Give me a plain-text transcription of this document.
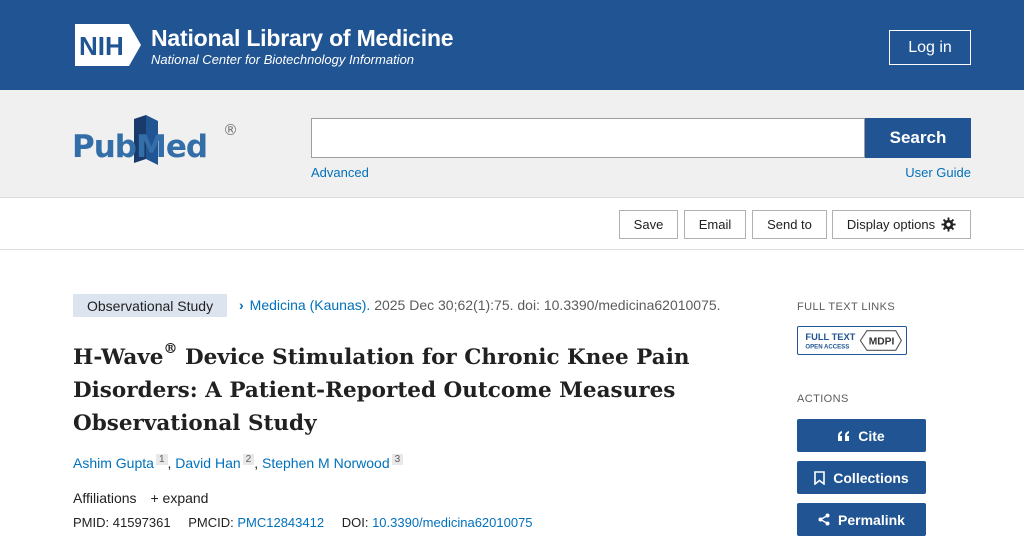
NIH National Library of Medicine
National Center for Biotechnology Information
Log in
PubMed ®	Search
Advanced	User Guide
Save	Email	Send to	Display options
Observational Study	› Medicina (Kaunas). 2025 Dec 30;62(1):75. doi: 10.3390/medicina62010075.
H-Wave® Device Stimulation for Chronic Knee Pain Disorders: A Patient-Reported Outcome Measures Observational Study
Ashim Gupta 1 , David Han 2 , Stephen M Norwood 3
Affiliations + expand
PMID: 41597361 PMCID: PMC12843412 DOI: 10.3390/medicina62010075
FULL TEXT LINKS
FULL TEXT
OPEN ACCESS MDPI
ACTIONS
Cite
Collections
Permalink
